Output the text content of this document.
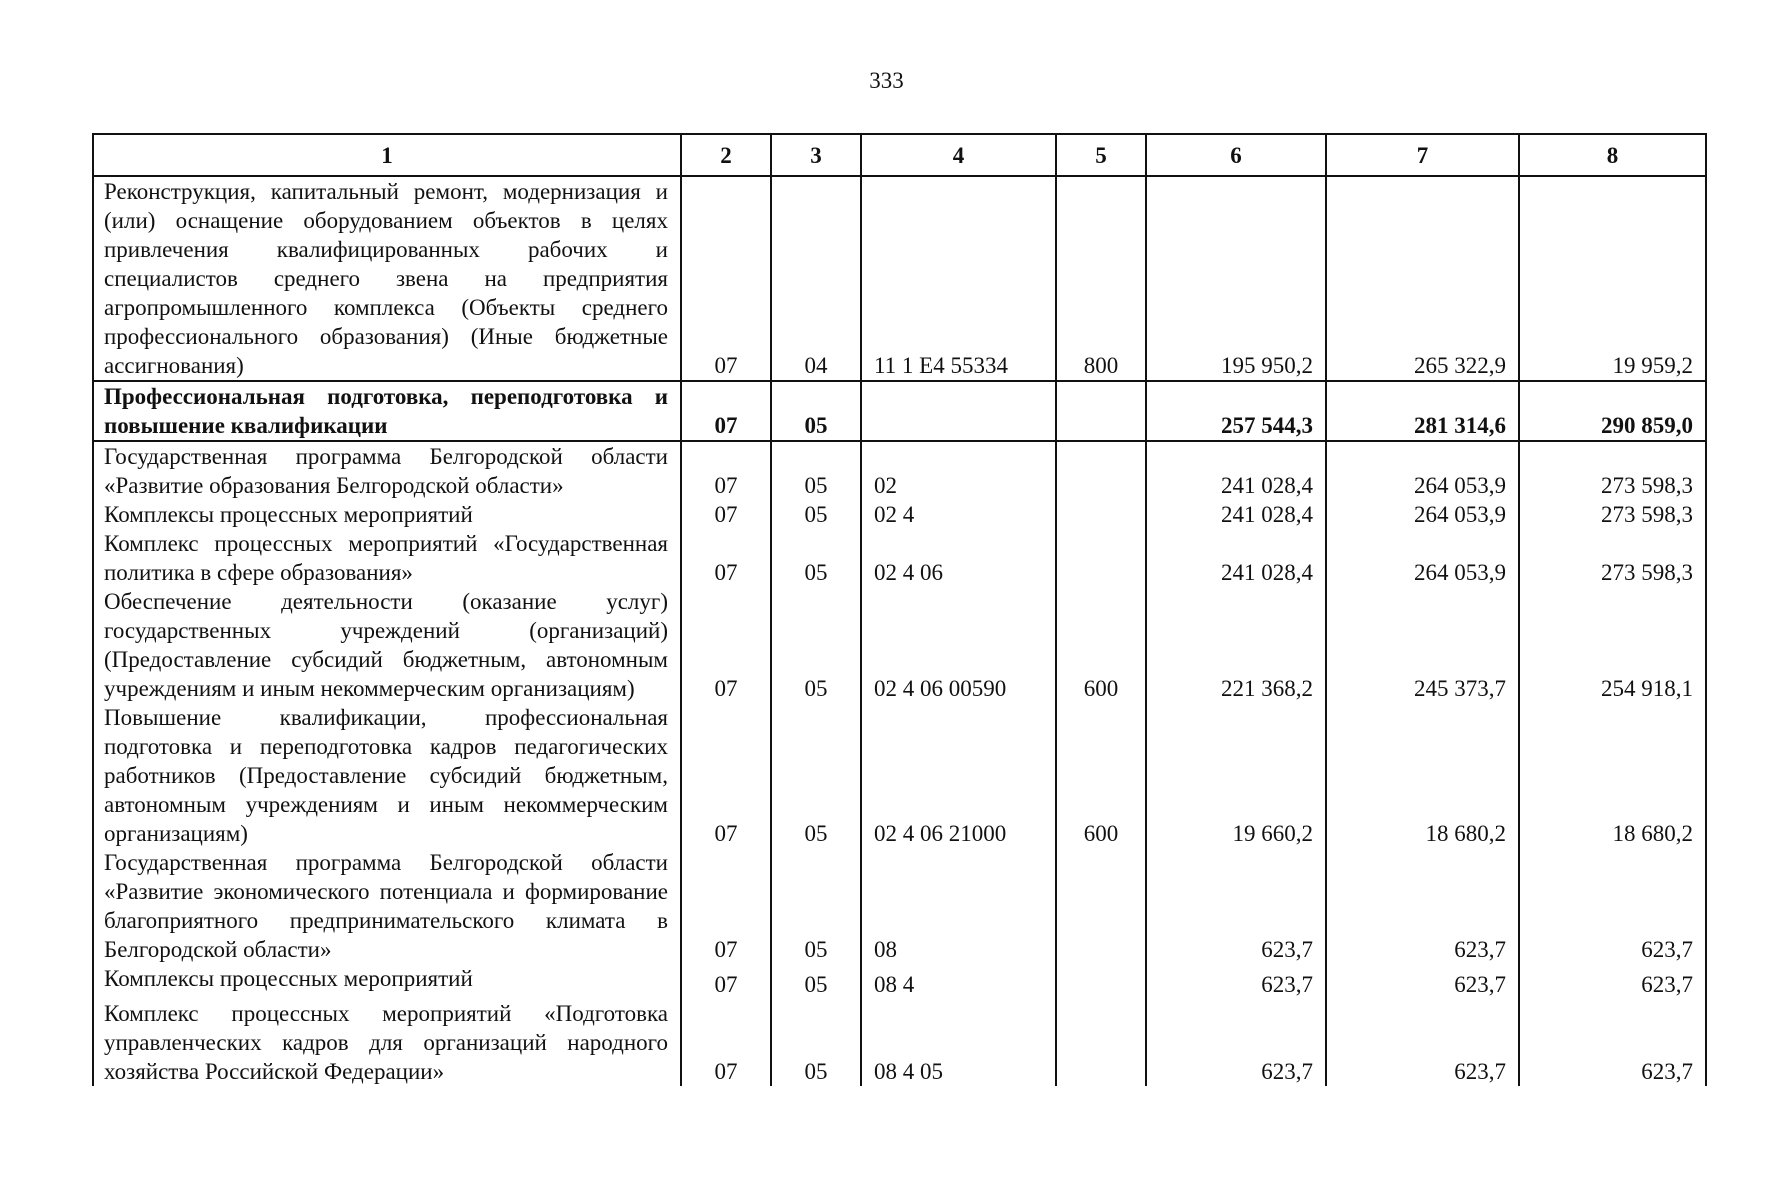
333
1	2	3	4	5	6	7	8
Реконструкция, капитальный ремонт, модернизация и (или) оснащение оборудованием объектов в целях привлечения квалифицированных рабочих и специалистов среднего звена на предприятия агропромышленного комплекса (Объекты среднего профессионального образования) (Иные бюджетные ассигнования)	07	04	11 1 Е4 55334	800	195 950,2	265 322,9	19 959,2
Профессиональная подготовка, переподготовка и повышение квалификации	07	05			257 544,3	281 314,6	290 859,0
Государственная программа Белгородской области «Развитие образования Белгородской области»	07	05	02		241 028,4	264 053,9	273 598,3
Комплексы процессных мероприятий	07	05	02 4		241 028,4	264 053,9	273 598,3
Комплекс процессных мероприятий «Государственная политика в сфере образования»	07	05	02 4 06		241 028,4	264 053,9	273 598,3
Обеспечение деятельности (оказание услуг) государственных учреждений (организаций) (Предоставление субсидий бюджетным, автономным учреждениям и иным некоммерческим организациям)	07	05	02 4 06 00590	600	221 368,2	245 373,7	254 918,1
Повышение квалификации, профессиональная подготовка и переподготовка кадров педагогических работников (Предоставление субсидий бюджетным, автономным учреждениям и иным некоммерческим организациям)	07	05	02 4 06 21000	600	19 660,2	18 680,2	18 680,2
Государственная программа Белгородской области «Развитие экономического потенциала и формирование благоприятного предпринимательского климата в Белгородской области»	07	05	08		623,7	623,7	623,7
Комплексы процессных мероприятий	07	05	08 4		623,7	623,7	623,7
Комплекс процессных мероприятий «Подготовка управленческих кадров для организаций народного хозяйства Российской Федерации»	07	05	08 4 05		623,7	623,7	623,7
